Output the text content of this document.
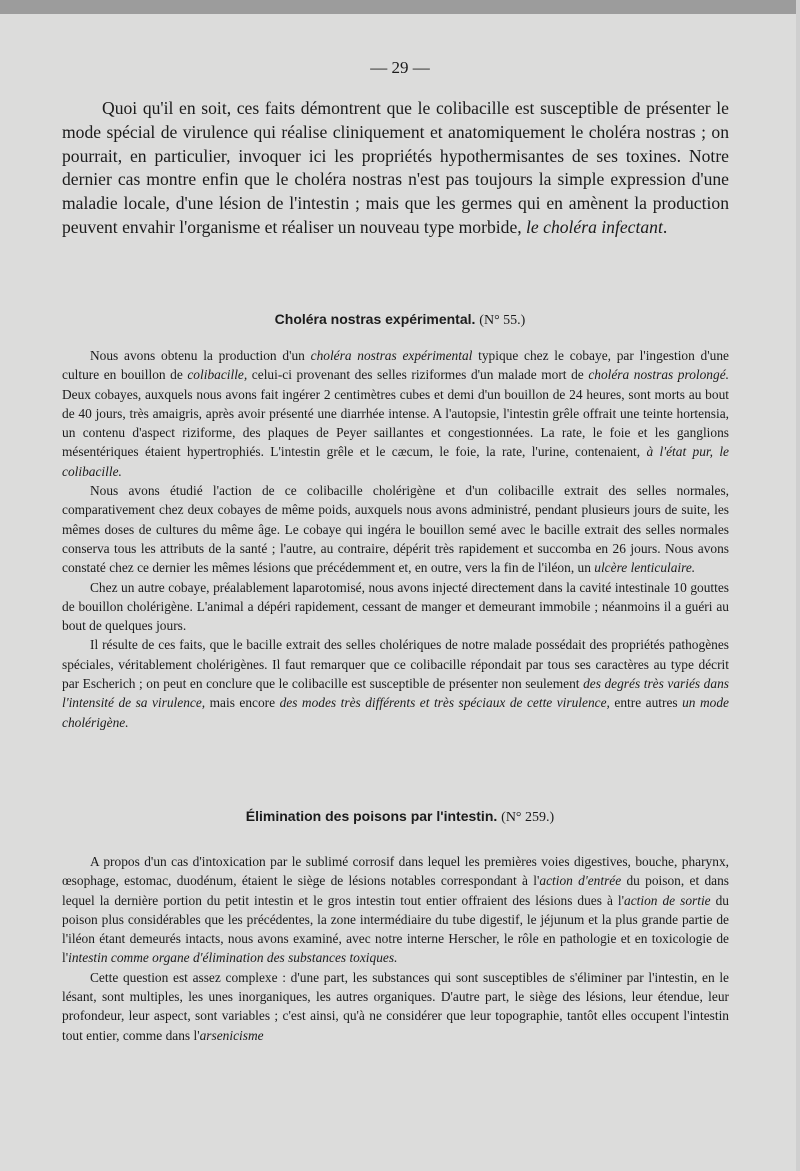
— 29 —
Quoi qu'il en soit, ces faits démontrent que le colibacille est susceptible de présenter le mode spécial de virulence qui réalise cliniquement et anatomiquement le choléra nostras ; on pourrait, en particulier, invoquer ici les propriétés hypothermisantes de ses toxines. Notre dernier cas montre enfin que le choléra nostras n'est pas toujours la simple expression d'une maladie locale, d'une lésion de l'intestin ; mais que les germes qui en amènent la production peuvent envahir l'organisme et réaliser un nouveau type morbide, le choléra infectant.
Choléra nostras expérimental. (N° 55.)

Nous avons obtenu la production d'un choléra nostras expérimental typique chez le cobaye, par l'ingestion d'une culture en bouillon de colibacille, celui-ci provenant des selles riziformes d'un malade mort de choléra nostras prolongé. Deux cobayes, auxquels nous avons fait ingérer 2 centimètres cubes et demi d'un bouillon de 24 heures, sont morts au bout de 40 jours, très amaigris, après avoir présenté une diarrhée intense. A l'autopsie, l'intestin grêle offrait une teinte hortensia, un contenu d'aspect riziforme, des plaques de Peyer saillantes et congestionnées. La rate, le foie et les ganglions mésentériques étaient hypertrophiés. L'intestin grêle et le cæcum, le foie, la rate, l'urine, contenaient, à l'état pur, le colibacille.

Nous avons étudié l'action de ce colibacille cholérigène et d'un colibacille extrait des selles normales, comparativement chez deux cobayes de même poids, auxquels nous avons administré, pendant plusieurs jours de suite, les mêmes doses de cultures du même âge. Le cobaye qui ingéra le bouillon semé avec le bacille extrait des selles normales conserva tous les attributs de la santé ; l'autre, au contraire, dépérit très rapidement et succomba en 26 jours. Nous avons constaté chez ce dernier les mêmes lésions que précédemment et, en outre, vers la fin de l'iléon, un ulcère lenticulaire.

Chez un autre cobaye, préalablement laparotomisé, nous avons injecté directement dans la cavité intestinale 10 gouttes de bouillon cholérigène. L'animal a dépéri rapidement, cessant de manger et demeurant immobile ; néanmoins il a guéri au bout de quelques jours.

Il résulte de ces faits, que le bacille extrait des selles cholériques de notre malade possédait des propriétés pathogènes spéciales, véritablement cholérigènes. Il faut remarquer que ce colibacille répondait par tous ses caractères au type décrit par Escherich ; on peut en conclure que le colibacille est susceptible de présenter non seulement des degrés très variés dans l'intensité de sa virulence, mais encore des modes très différents et très spéciaux de cette virulence, entre autres un mode cholérigène.

Élimination des poisons par l'intestin. (N° 259.)

A propos d'un cas d'intoxication par le sublimé corrosif dans lequel les premières voies digestives, bouche, pharynx, œsophage, estomac, duodénum, étaient le siège de lésions notables correspondant à l'action d'entrée du poison, et dans lequel la dernière portion du petit intestin et le gros intestin tout entier offraient des lésions dues à l'action de sortie du poison plus considérables que les précédentes, la zone intermédiaire du tube digestif, le jéjunum et la plus grande partie de l'iléon étant demeurés intacts, nous avons examiné, avec notre interne Herscher, le rôle en pathologie et en toxicologie de l'intestin comme organe d'élimination des substances toxiques.

Cette question est assez complexe : d'une part, les substances qui sont susceptibles de s'éliminer par l'intestin, en le lésant, sont multiples, les unes inorganiques, les autres organiques. D'autre part, le siège des lésions, leur étendue, leur profondeur, leur aspect, sont variables ; c'est ainsi, qu'à ne considérer que leur topographie, tantôt elles occupent l'intestin tout entier, comme dans l'arsenicisme
